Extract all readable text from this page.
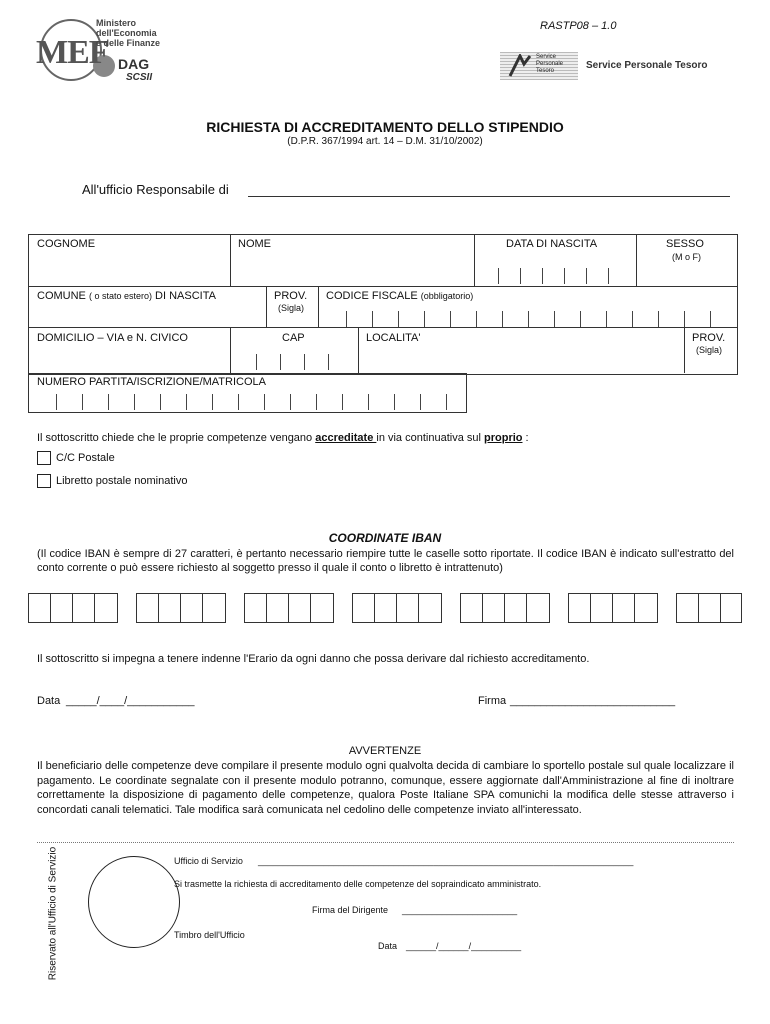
RASTP08 – 1.0
MEF
Ministero
dell'Economia
e delle Finanze
DAG
SCSII
Service
Personale
Tesoro	Service Personale Tesoro
RICHIESTA DI ACCREDITAMENTO DELLO STIPENDIO
(D.P.R. 367/1994 art. 14 – D.M. 31/10/2002)
All'ufficio Responsabile di
COGNOME	NOME	DATA DI NASCITA	SESSO
(M o F)
COMUNE ( o stato estero) DI NASCITA	PROV.
(Sigla)
CODICE FISCALE (obbligatorio)
DOMICILIO – VIA e N. CIVICO	CAP	LOCALITA'	PROV.
(Sigla)
NUMERO PARTITA/ISCRIZIONE/MATRICOLA
Il sottoscritto chiede che le proprie competenze vengano accreditate in via continuativa sul proprio :
C/C Postale
Libretto postale nominativo
COORDINATE IBAN
(Il codice IBAN è sempre di 27 caratteri, è pertanto necessario riempire tutte le caselle sotto riportate. Il codice IBAN è indicato sull'estratto del conto corrente o può essere richiesto al soggetto presso il quale il conto o libretto è intrattenuto)
Il sottoscritto si impegna a tenere indenne l'Erario da ogni danno che possa derivare dal richiesto accreditamento.
Data _____/____/___________	Firma ___________________________
AVVERTENZE
Il beneficiario delle competenze deve compilare il presente modulo ogni qualvolta decida di cambiare lo sportello postale sul quale localizzare il pagamento. Le coordinate segnalate con il presente modulo potranno, comunque, essere aggiornate dall'Amministrazione al fine di inoltrare correttamente la disposizione di pagamento delle competenze, qualora Poste Italiane SPA comunichi la modifica delle stesse attraverso i concordati canali telematici. Tale modifica sarà comunicata nel cedolino delle competenze inviato all'interessato.
Riservato all'Ufficio di Servizio	Ufficio di Servizio ___________________________________________________________________________
Si trasmette la richiesta di accreditamento delle competenze del sopraindicato amministrato.
Firma del Dirigente _______________________
Timbro dell'Ufficio
Data ______/______/__________
